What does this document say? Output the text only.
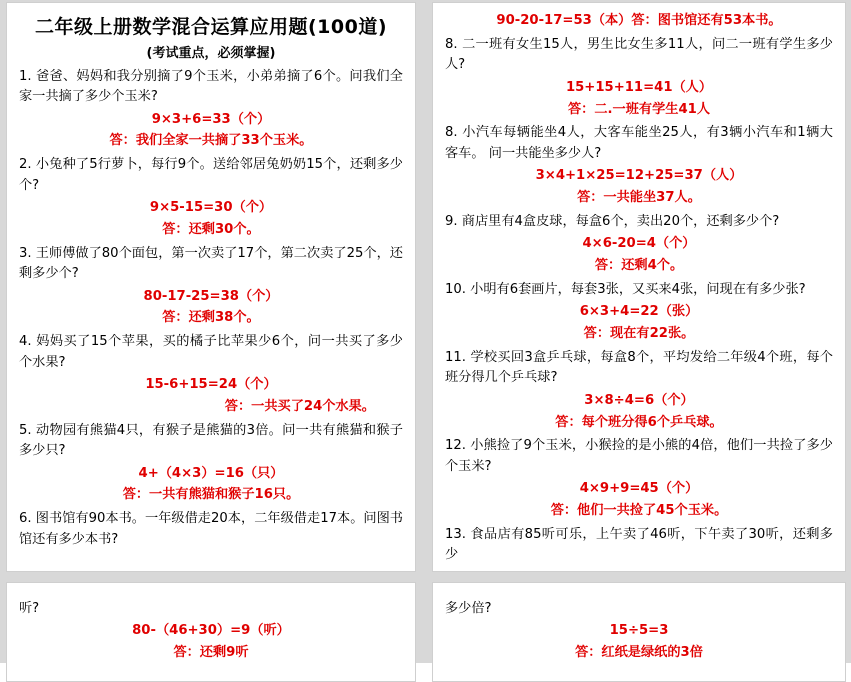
二年级上册数学混合运算应用题(100道)
(考试重点，必须掌握)
1. 爸爸、妈妈和我分别摘了9个玉米，小弟弟摘了6个。问我们全家一共摘了多少个玉米?
9×3+6=33（个）
答：我们全家一共摘了33个玉米。
2. 小兔种了5行萝卜，每行9个。送给邻居兔奶奶15个，还剩多少个?
9×5-15=30（个）
答：还剩30个。
3. 王师傅做了80个面包，第一次卖了17个，第二次卖了25个，还剩多少个?
80-17-25=38（个）
答：还剩38个。
4. 妈妈买了15个苹果，买的橘子比苹果少6个，问一共买了多少个水果?
15-6+15=24（个）
答：一共买了24个水果。
5. 动物园有熊猫4只，有猴子是熊猫的3倍。问一共有熊猫和猴子多少只?
4+（4×3）=16（只）
答：一共有熊猫和猴子16只。
6. 图书馆有90本书。一年级借走20本，二年级借走17本。问图书馆还有多少本书?
90-20-17=53（本）答：图书馆还有53本书。
8. 二一班有女生15人，男生比女生多11人，问二一班有学生多少人?
15+15+11=41（人）
答：二.一班有学生41人
8. 小汽车每辆能坐4人，大客车能坐25人，有3辆小汽车和1辆大客车。 问一共能坐多少人?
3×4+1×25=12+25=37（人）
答：一共能坐37人。
9. 商店里有4盒皮球，每盒6个，卖出20个，还剩多少个?
4×6-20=4（个）
答：还剩4个。
10. 小明有6套画片，每套3张，又买来4张，问现在有多少张?
6×3+4=22（张）
答：现在有22张。
11. 学校买回3盒乒乓球，每盒8个，平均发给二年级4个班，每个班分得几个乒乓球?
3×8÷4=6（个）
答：每个班分得6个乒乓球。
12. 小熊捡了9个玉米，小猴捡的是小熊的4倍，他们一共捡了多少个玉米?
4×9+9=45（个）
答：他们一共捡了45个玉米。
13. 食品店有85听可乐，上午卖了46听，下午卖了30听，还剩多少
听?
80-（46+30）=9（听）
答：还剩9听
多少倍?
15÷5=3
答：红纸是绿纸的3倍
